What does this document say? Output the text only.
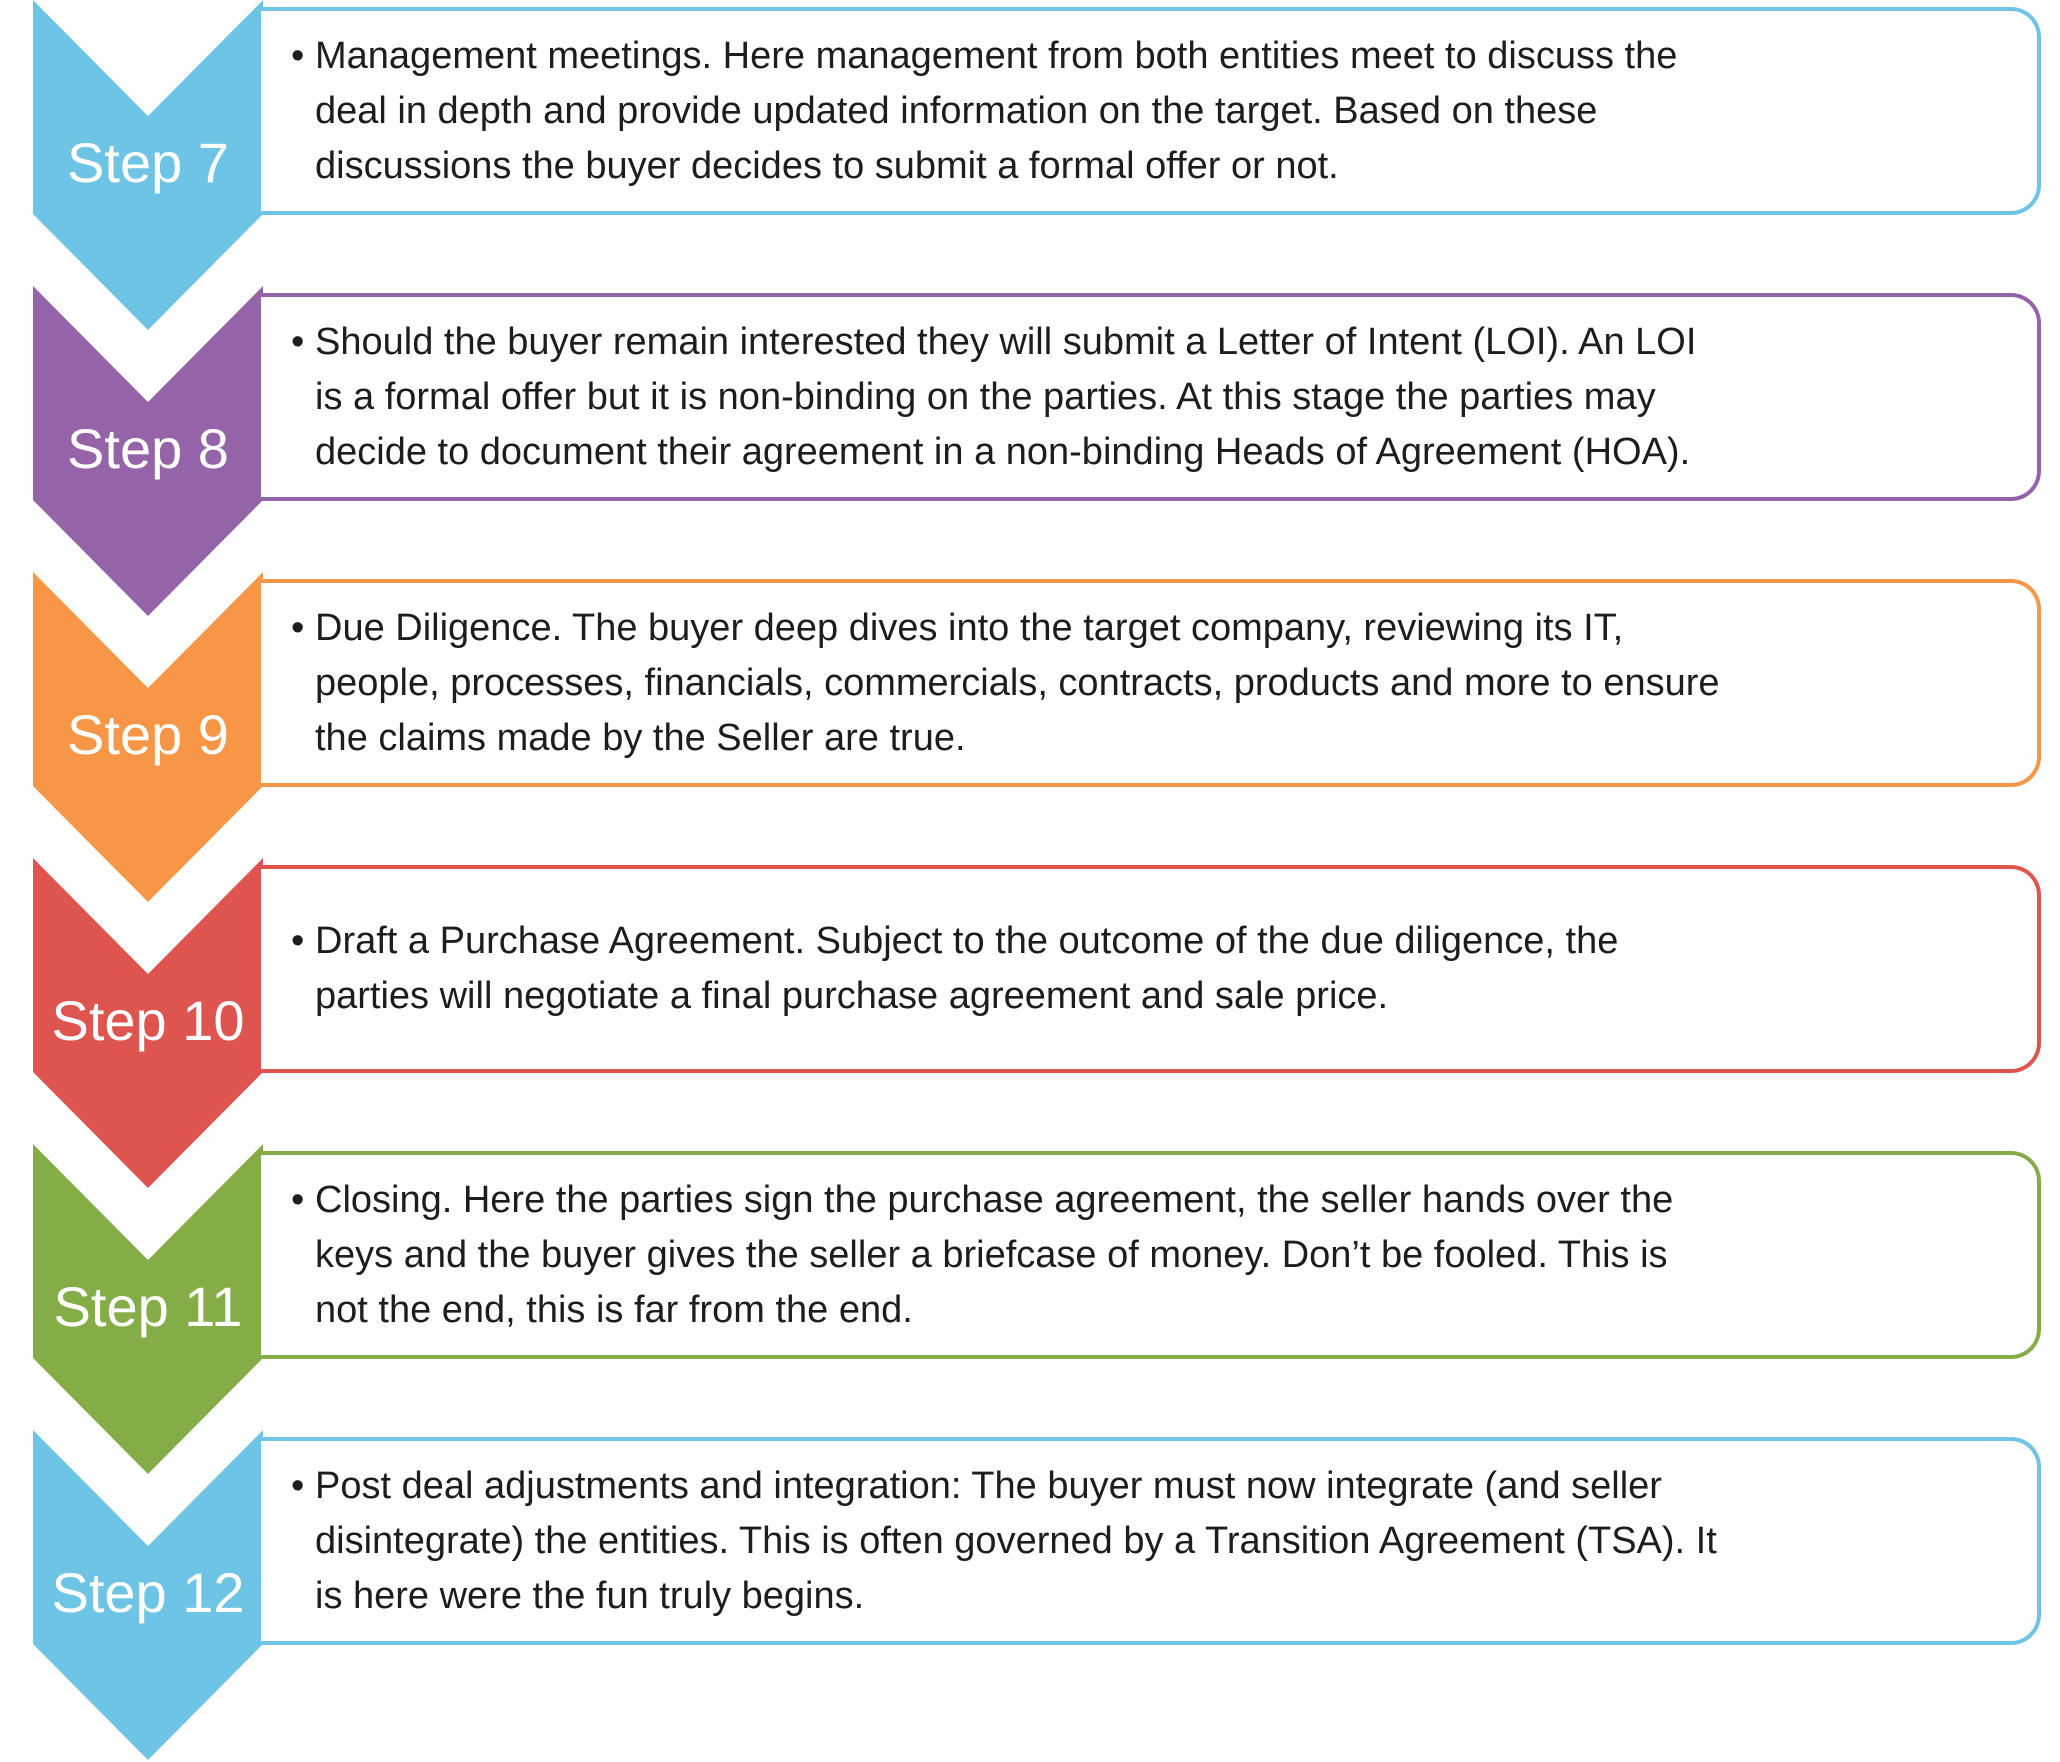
Step 7
• Management meetings. Here management from both entities meet to discuss the
deal in depth and provide updated information on the target. Based on these
discussions the buyer decides to submit a formal offer or not.
Step 8
• Should the buyer remain interested they will submit a Letter of Intent (LOI). An LOI
is a formal offer but it is non-binding on the parties. At this stage the parties may
decide to document their agreement in a non-binding Heads of Agreement (HOA).
Step 9
• Due Diligence. The buyer deep dives into the target company, reviewing its IT,
people, processes, financials, commercials, contracts, products and more to ensure
the claims made by the Seller are true.
Step 10
• Draft a Purchase Agreement. Subject to the outcome of the due diligence, the
parties will negotiate a final purchase agreement and sale price.
Step 11
• Closing. Here the parties sign the purchase agreement, the seller hands over the
keys and the buyer gives the seller a briefcase of money. Don’t be fooled. This is
not the end, this is far from the end.
Step 12
• Post deal adjustments and integration: The buyer must now integrate (and seller
disintegrate) the entities. This is often governed by a Transition Agreement (TSA). It
is here were the fun truly begins.
